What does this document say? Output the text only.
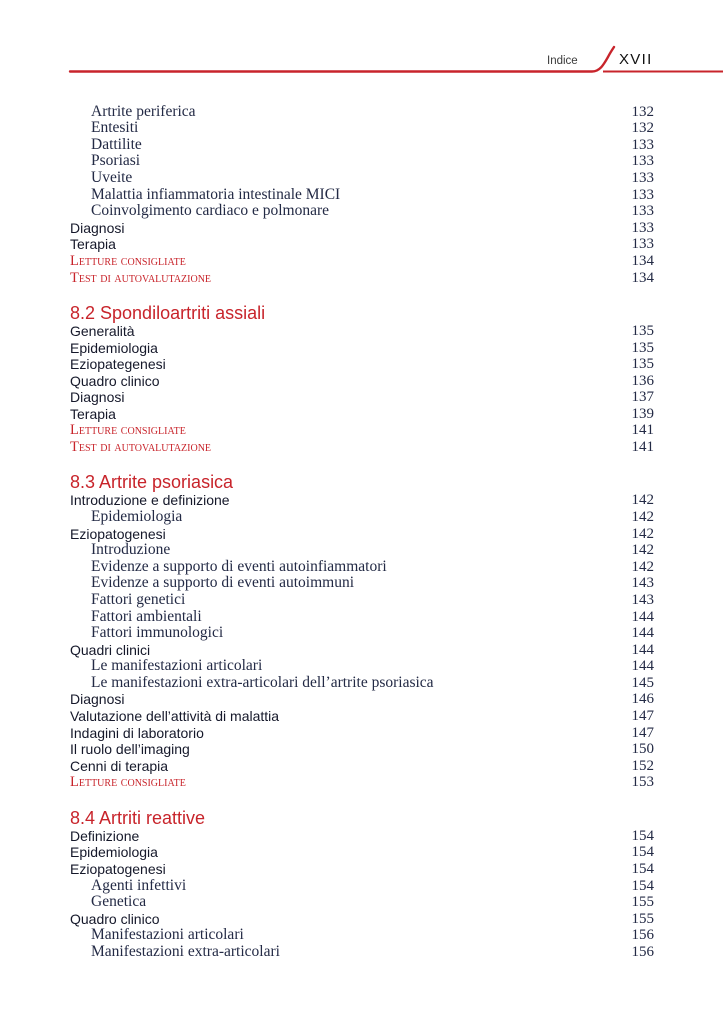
Indice	XVII
Artrite periferica	132
Entesiti	132
Dattilite	133
Psoriasi	133
Uveite	133
Malattia infiammatoria intestinale MICI	133
Coinvolgimento cardiaco e polmonare	133
Diagnosi	133
Terapia	133
Letture consigliate	134
Test di autovalutazione	134
8.2 Spondiloartriti assiali
Generalità	135
Epidemiologia	135
Eziopategenesi	135
Quadro clinico	136
Diagnosi	137
Terapia	139
Letture consigliate	141
Test di autovalutazione	141
8.3 Artrite psoriasica
Introduzione e definizione	142
Epidemiologia	142
Eziopatogenesi	142
Introduzione	142
Evidenze a supporto di eventi autoinfiammatori	142
Evidenze a supporto di eventi autoimmuni	143
Fattori genetici	143
Fattori ambientali	144
Fattori immunologici	144
Quadri clinici	144
Le manifestazioni articolari	144
Le manifestazioni extra-articolari dell’artrite psoriasica	145
Diagnosi	146
Valutazione dell’attività di malattia	147
Indagini di laboratorio	147
Il ruolo dell’imaging	150
Cenni di terapia	152
Letture consigliate	153
8.4 Artriti reattive
Definizione	154
Epidemiologia	154
Eziopatogenesi	154
Agenti infettivi	154
Genetica	155
Quadro clinico	155
Manifestazioni articolari	156
Manifestazioni extra-articolari	156
